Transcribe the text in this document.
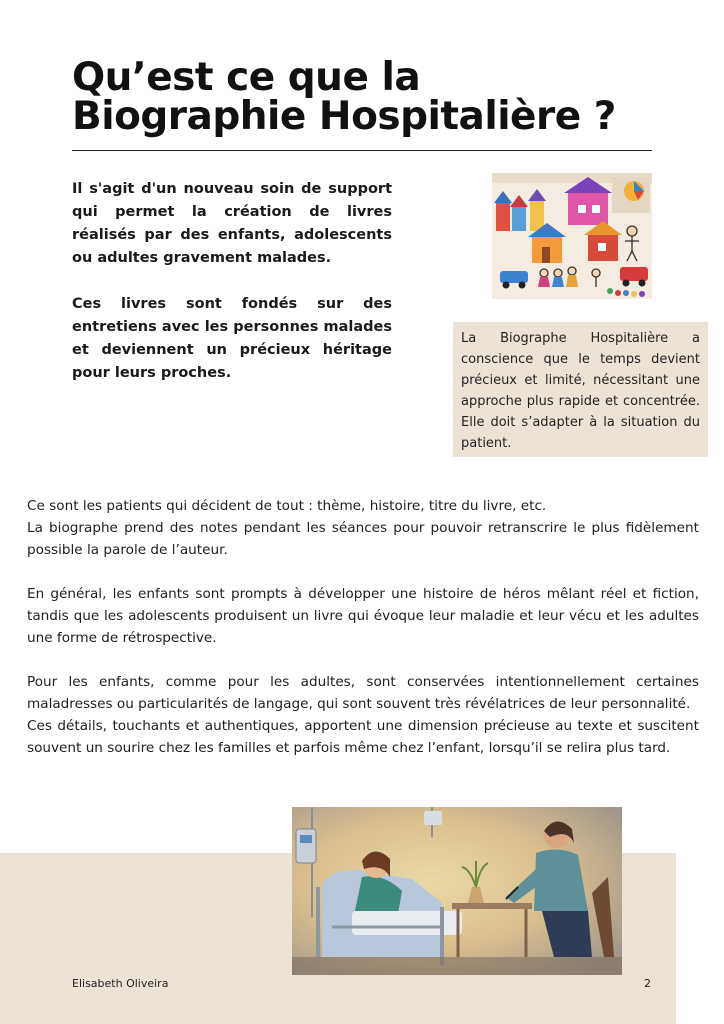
Qu’est ce que la
Biographie Hospitalière ?

Il s'agit d'un nouveau soin de support qui permet la création de livres réalisés par des enfants, adolescents ou adultes gravement malades.

Ces livres sont fondés sur des entretiens avec les personnes malades et deviennent un précieux héritage pour leurs proches.

La Biographe Hospitalière a conscience que le temps devient précieux et limité, nécessitant une approche plus rapide et concentrée. Elle doit s’adapter à la situation du patient.

Ce sont les patients qui décident de tout : thème, histoire, titre du livre, etc.
La biographe prend des notes pendant les séances pour pouvoir retranscrire le plus fidèlement possible la parole de l’auteur.
En général, les enfants sont prompts à développer une histoire de héros mêlant réel et fiction, tandis que les adolescents produisent un livre qui évoque leur maladie et leur vécu et les adultes une forme de rétrospective.
Pour les enfants, comme pour les adultes, sont conservées intentionnellement certaines maladresses ou particularités de langage, qui sont souvent très révélatrices de leur personnalité.
Ces détails, touchants et authentiques, apportent une dimension précieuse au texte et suscitent souvent un sourire chez les familles et parfois même chez l’enfant, lorsqu’il se relira plus tard.
Elisabeth Oliveira	2
